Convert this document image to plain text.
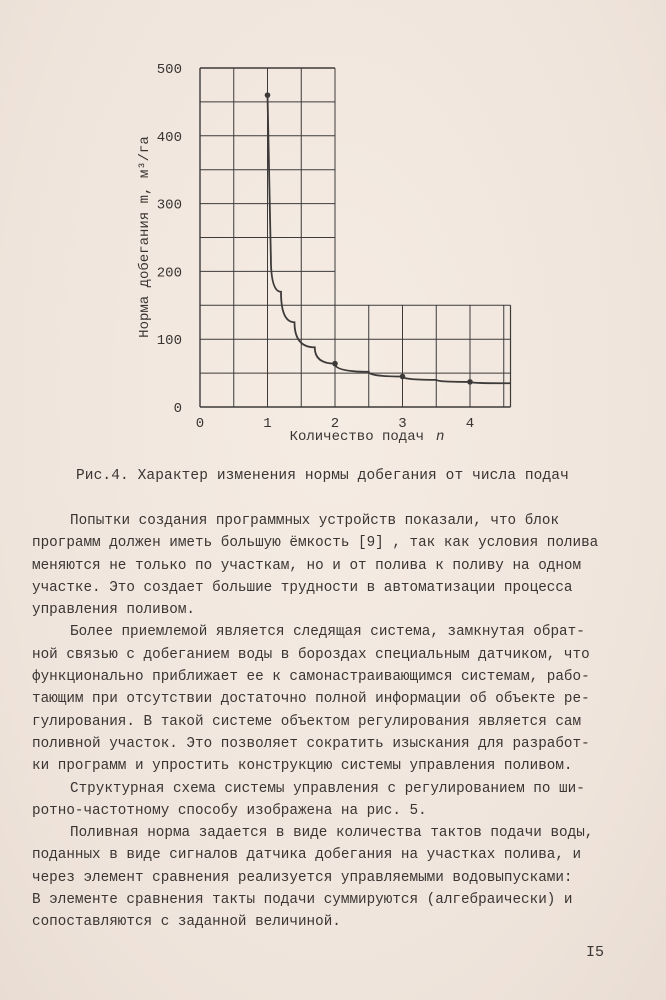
0	1	2	3	4
0
100
200
300
400
500
Норма добегания m, м³/га
Количество подач n
Рис.4. Характер изменения нормы добегания от числа подач
Попытки создания программных устройств показали, что блок
программ должен иметь большую ёмкость [9] , так как условия полива
меняются не только по участкам, но и от полива к поливу на одном
участке. Это создает большие трудности в автоматизации процесса
управления поливом.
Более приемлемой является следящая система, замкнутая обрат-
ной связью с добеганием воды в бороздах специальным датчиком, что
функционально приближает ее к самонастраивающимся системам, рабо-
тающим при отсутствии достаточно полной информации об объекте ре-
гулирования. В такой системе объектом регулирования является сам
поливной участок. Это позволяет сократить изыскания для разработ-
ки программ и упростить конструкцию системы управления поливом.
Структурная схема системы управления с регулированием по ши-
ротно-частотному способу изображена на рис. 5.
Поливная норма задается в виде количества тактов подачи воды,
поданных в виде сигналов датчика добегания на участках полива, и
через элемент сравнения реализуется управляемыми водовыпусками:
В элементе сравнения такты подачи суммируются (алгебраически) и
сопоставляются с заданной величиной.
I5
